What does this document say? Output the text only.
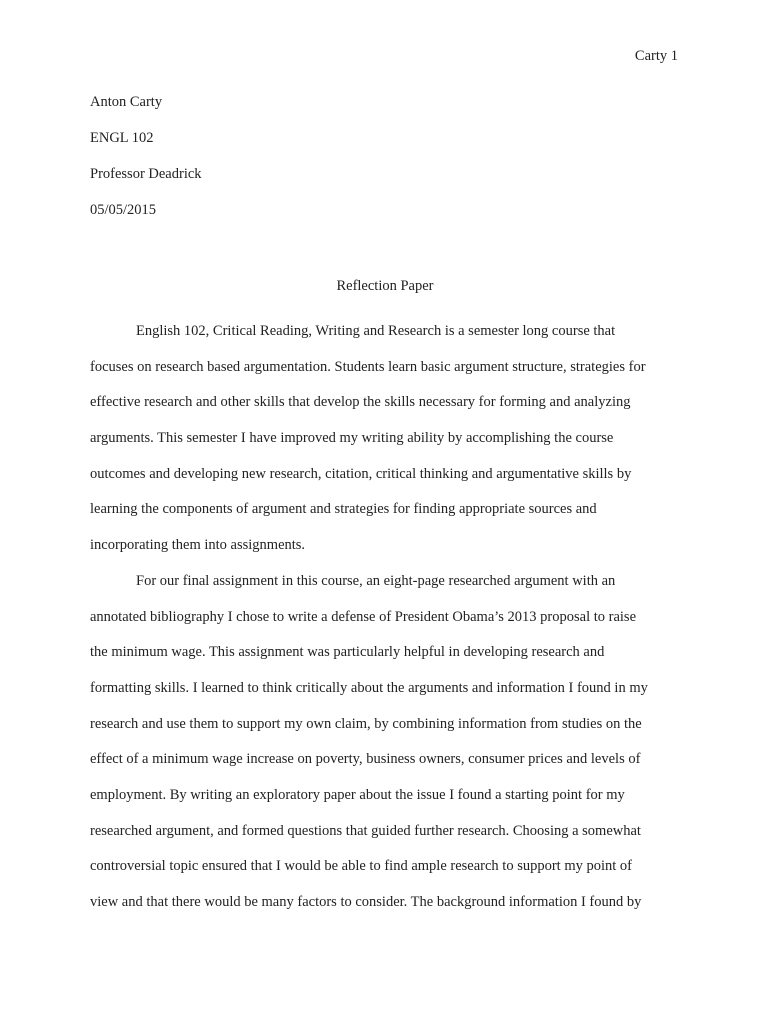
Carty 1
Anton Carty
ENGL 102
Professor Deadrick
05/05/2015
Reflection Paper
English 102, Critical Reading, Writing and Research is a semester long course that
focuses on research based argumentation. Students learn basic argument structure, strategies for
effective research and other skills that develop the skills necessary for forming and analyzing
arguments. This semester I have improved my writing ability by accomplishing the course
outcomes and developing new research, citation, critical thinking and argumentative skills by
learning the components of argument and strategies for finding appropriate sources and
incorporating them into assignments.
For our final assignment in this course, an eight-page researched argument with an
annotated bibliography I chose to write a defense of President Obama’s 2013 proposal to raise
the minimum wage. This assignment was particularly helpful in developing research and
formatting skills. I learned to think critically about the arguments and information I found in my
research and use them to support my own claim, by combining information from studies on the
effect of a minimum wage increase on poverty, business owners, consumer prices and levels of
employment. By writing an exploratory paper about the issue I found a starting point for my
researched argument, and formed questions that guided further research. Choosing a somewhat
controversial topic ensured that I would be able to find ample research to support my point of
view and that there would be many factors to consider. The background information I found by
